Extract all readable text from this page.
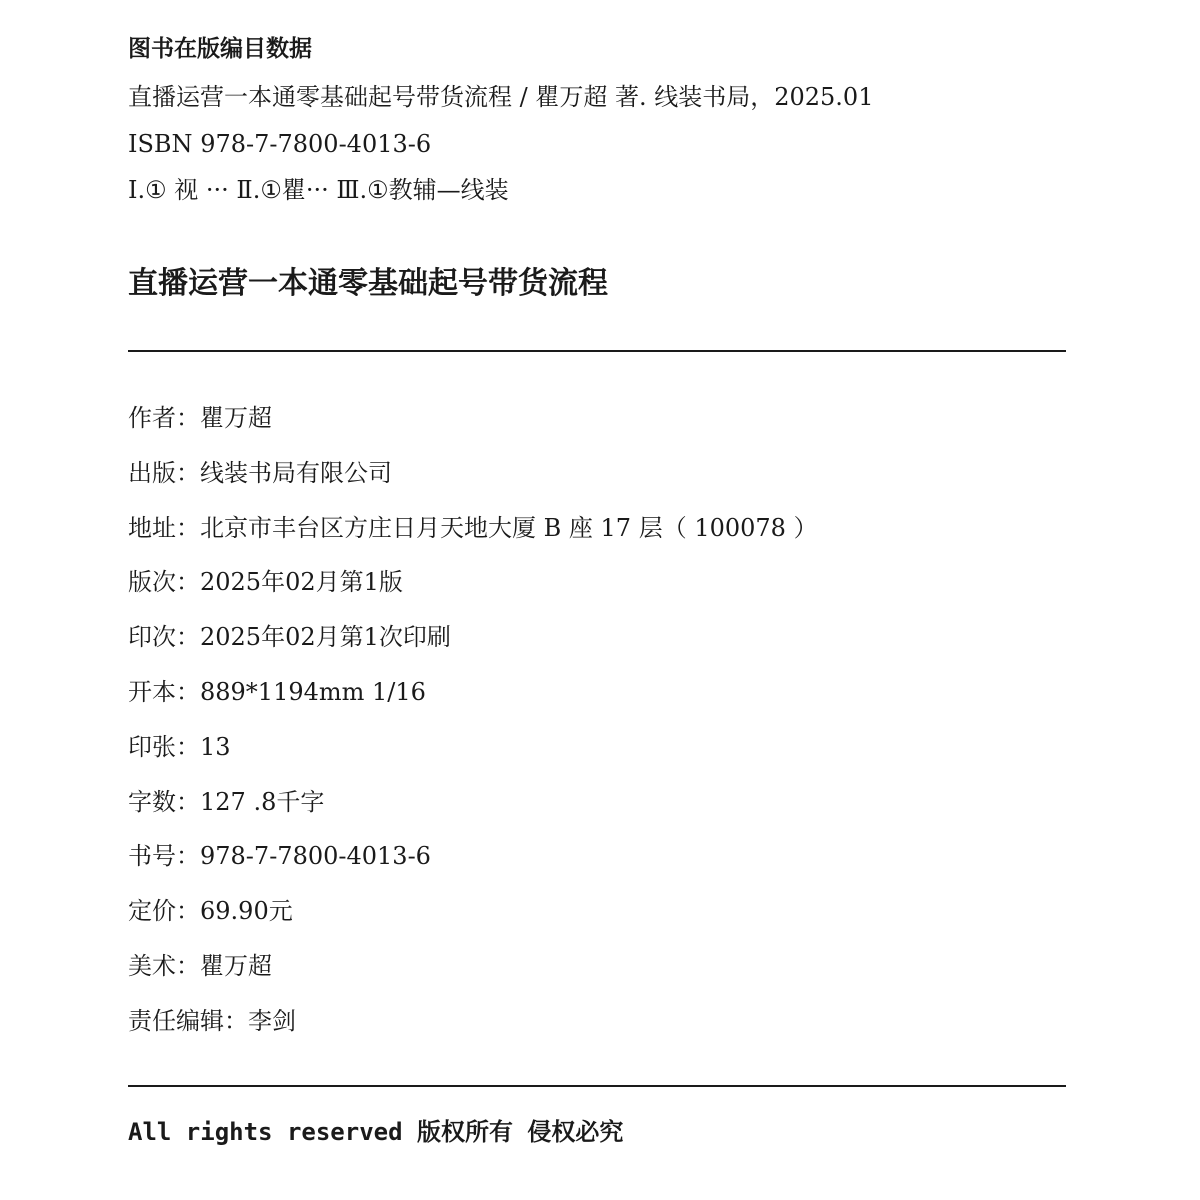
图书在版编目数据
直播运营一本通零基础起号带货流程 / 瞿万超 著. 线装书局，2025.01
ISBN 978-7-7800-4013-6
I.① 视 ··· Ⅱ.①瞿··· Ⅲ.①教辅—线装
直播运营一本通零基础起号带货流程
作者：瞿万超
出版：线装书局有限公司
地址：北京市丰台区方庄日月天地大厦 B 座 17 层（ 100078 ）
版次：2025年02月第1版
印次：2025年02月第1次印刷
开本：889*1194mm 1/16
印张：13
字数：127 .8千字
书号：978-7-7800-4013-6
定价：69.90元
美术：瞿万超
责任编辑：李剑
All rights reserved 版权所有 侵权必究
